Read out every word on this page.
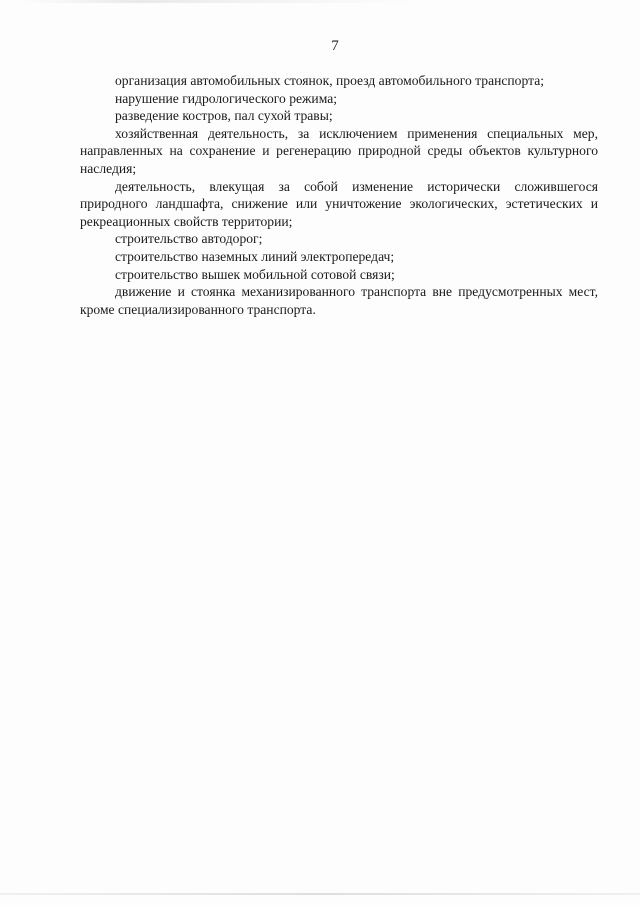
7

организация автомобильных стоянок, проезд автомобильного транспорта;

нарушение гидрологического режима;

разведение костров, пал сухой травы;

хозяйственная деятельность, за исключением применения специальных мер, направленных на сохранение и регенерацию природной среды объектов культурного наследия;

деятельность, влекущая за собой изменение исторически сложившегося природного ландшафта, снижение или уничтожение экологических, эстетических и рекреационных свойств территории;

строительство автодорог;

строительство наземных линий электропередач;

строительство вышек мобильной сотовой связи;

движение и стоянка механизированного транспорта вне предусмотренных мест, кроме специализированного транспорта.
